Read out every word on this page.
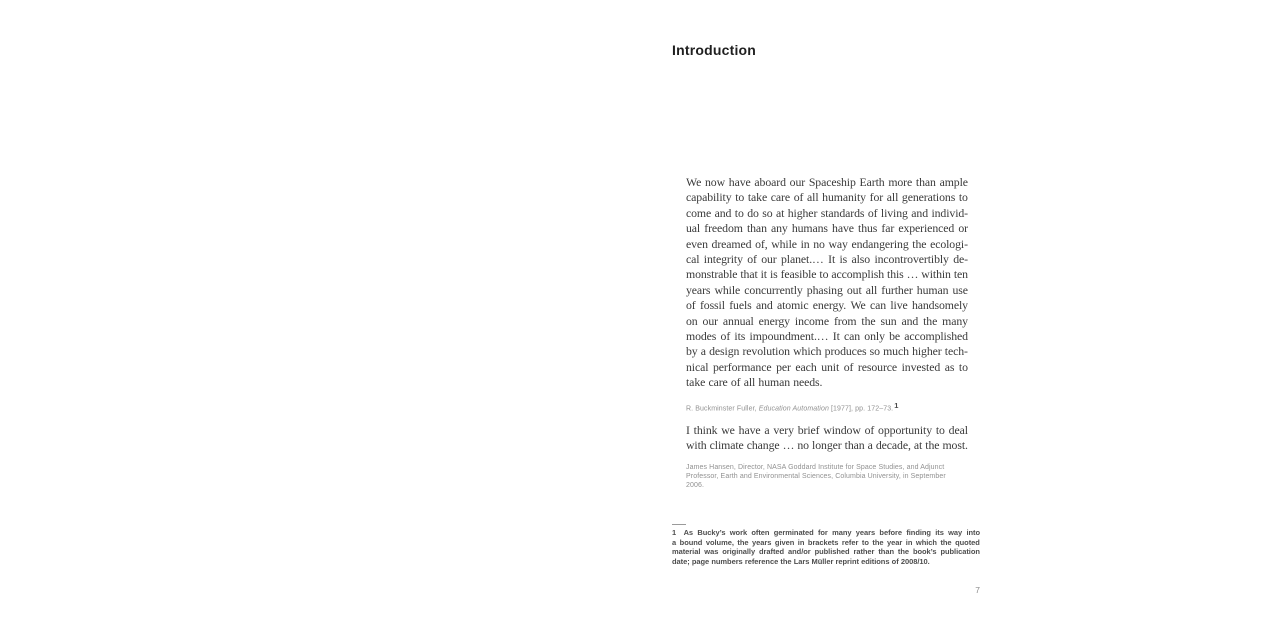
Introduction
We now have aboard our Spaceship Earth more than ample
capability to take care of all humanity for all generations to
come and to do so at higher standards of living and individ-
ual freedom than any humans have thus far experienced or
even dreamed of, while in no way endangering the ecologi-
cal integrity of our planet.… It is also incontrovertibly de-
monstrable that it is feasible to accomplish this … within ten
years while concurrently phasing out all further human use
of fossil fuels and atomic energy. We can live handsomely
on our annual energy income from the sun and the many
modes of its impoundment.… It can only be accomplished
by a design revolution which produces so much higher tech-
nical performance per each unit of resource invested as to
take care of all human needs.
R. Buckminster Fuller, Education Automation [1977], pp. 172–73.1
I think we have a very brief window of opportunity to deal
with climate change … no longer than a decade, at the most.
James Hansen, Director, NASA Goddard Institute for Space Studies, and Adjunct
Professor, Earth and Environmental Sciences, Columbia University, in September
2006.
1 As Bucky’s work often germinated for many years before finding its way into
a bound volume, the years given in brackets refer to the year in which the quoted
material was originally drafted and/or published rather than the book’s publication
date; page numbers reference the Lars Müller reprint editions of 2008/10.
7
